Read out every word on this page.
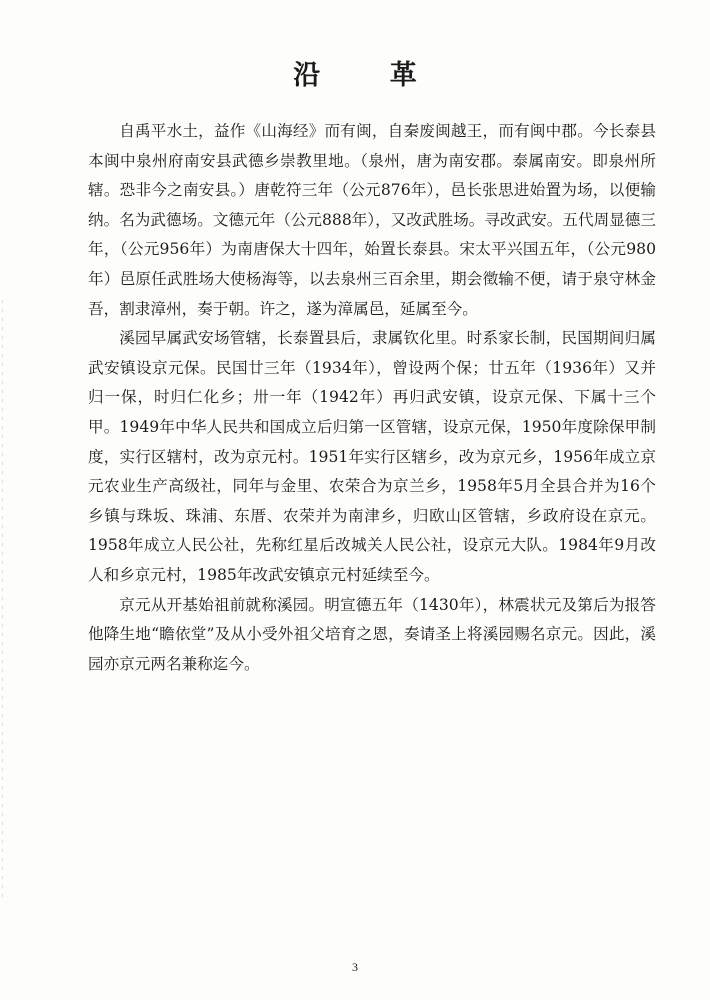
沿 革

自禹平水土，益作《山海经》而有闽，自秦废闽越王，而有闽中郡。今长泰县本闽中泉州府南安县武德乡崇教里地。（泉州，唐为南安郡。泰属南安。即泉州所辖。恐非今之南安县。）唐乾符三年（公元876年），邑长张思进始置为场，以便输纳。名为武德场。文德元年（公元888年），又改武胜场。寻改武安。五代周显德三年，（公元956年）为南唐保大十四年，始置长泰县。宋太平兴国五年，（公元980年）邑原任武胜场大使杨海等，以去泉州三百余里，期会徵输不便，请于泉守林金吾，割隶漳州，奏于朝。许之，遂为漳属邑，延属至今。

溪园早属武安场管辖，长泰置县后，隶属钦化里。时系家长制，民国期间归属武安镇设京元保。民国廿三年（1934年），曾设两个保；廿五年（1936年）又并归一保，时归仁化乡；卅一年（1942年）再归武安镇，设京元保、下属十三个甲。1949年中华人民共和国成立后归第一区管辖，设京元保，1950年度除保甲制度，实行区辖村，改为京元村。1951年实行区辖乡，改为京元乡，1956年成立京元农业生产高级社，同年与金里、农荣合为京兰乡，1958年5月全县合并为16个乡镇与珠坂、珠浦、东厝、农荣并为南津乡，归欧山区管辖，乡政府设在京元。1958年成立人民公社，先称红星后改城关人民公社，设京元大队。1984年9月改人和乡京元村，1985年改武安镇京元村延续至今。

京元从开基始祖前就称溪园。明宣德五年（1430年），林震状元及第后为报答他降生地“瞻依堂”及从小受外祖父培育之恩，奏请圣上将溪园赐名京元。因此，溪园亦京元两名兼称迄今。

3
